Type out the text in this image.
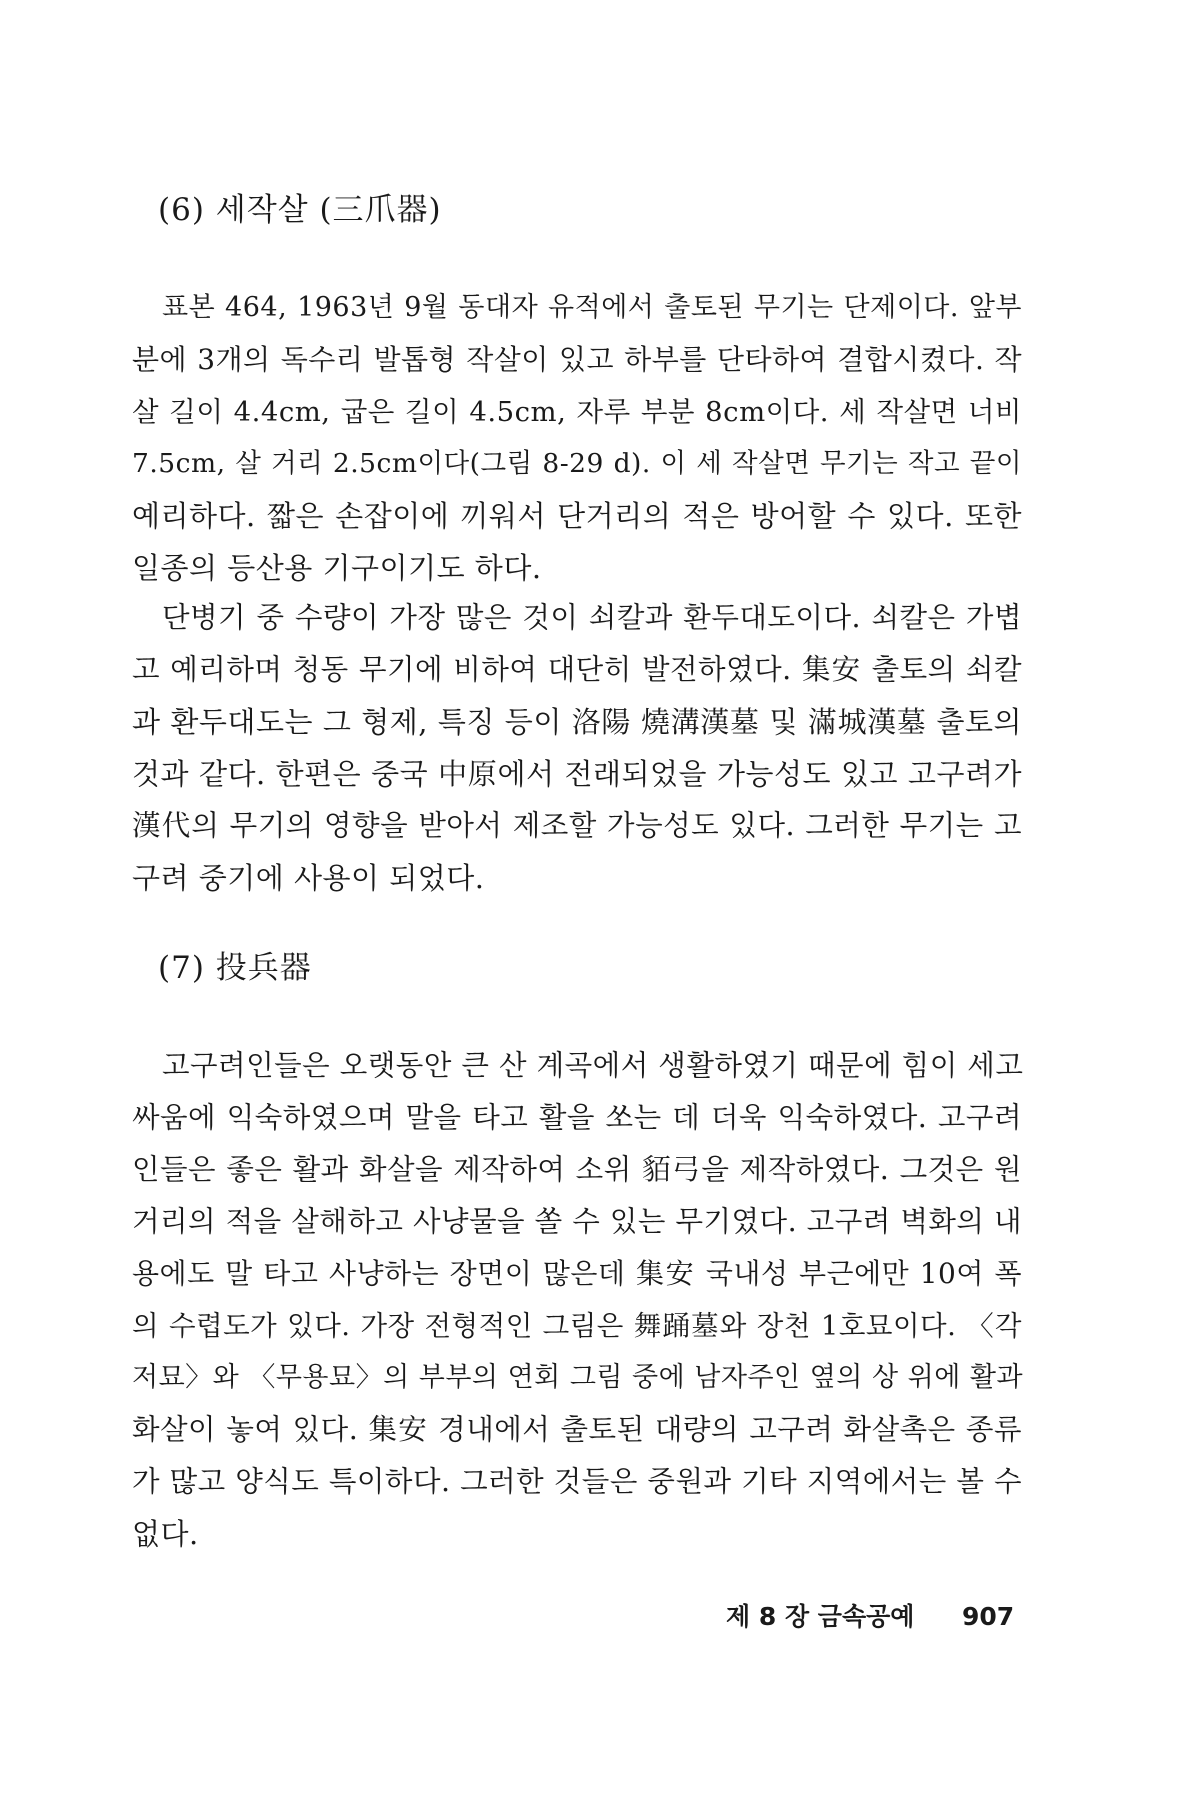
(6) 세작살 (三爪器)
표본 464, 1963년 9월 동대자 유적에서 출토된 무기는 단제이다. 앞부
분에 3개의 독수리 발톱형 작살이 있고 하부를 단타하여 결합시켰다. 작
살 길이 4.4cm, 굽은 길이 4.5cm, 자루 부분 8cm이다. 세 작살면 너비
7.5cm, 살 거리 2.5cm이다(그림 8-29 d). 이 세 작살면 무기는 작고 끝이
예리하다. 짧은 손잡이에 끼워서 단거리의 적은 방어할 수 있다. 또한
일종의 등산용 기구이기도 하다.
단병기 중 수량이 가장 많은 것이 쇠칼과 환두대도이다. 쇠칼은 가볍
고 예리하며 청동 무기에 비하여 대단히 발전하였다. 集安 출토의 쇠칼
과 환두대도는 그 형제, 특징 등이 洛陽 燒溝漢墓 및 滿城漢墓 출토의
것과 같다. 한편은 중국 中原에서 전래되었을 가능성도 있고 고구려가
漢代의 무기의 영향을 받아서 제조할 가능성도 있다. 그러한 무기는 고
구려 중기에 사용이 되었다.
(7) 投兵器
고구려인들은 오랫동안 큰 산 계곡에서 생활하였기 때문에 힘이 세고
싸움에 익숙하였으며 말을 타고 활을 쏘는 데 더욱 익숙하였다. 고구려
인들은 좋은 활과 화살을 제작하여 소위 貊弓을 제작하였다. 그것은 원
거리의 적을 살해하고 사냥물을 쏠 수 있는 무기였다. 고구려 벽화의 내
용에도 말 타고 사냥하는 장면이 많은데 集安 국내성 부근에만 10여 폭
의 수렵도가 있다. 가장 전형적인 그림은 舞踊墓와 장천 1호묘이다. 〈각
저묘〉와 〈무용묘〉의 부부의 연회 그림 중에 남자주인 옆의 상 위에 활과
화살이 놓여 있다. 集安 경내에서 출토된 대량의 고구려 화살촉은 종류
가 많고 양식도 특이하다. 그러한 것들은 중원과 기타 지역에서는 볼 수
없다.
제 8 장 금속공예 907
